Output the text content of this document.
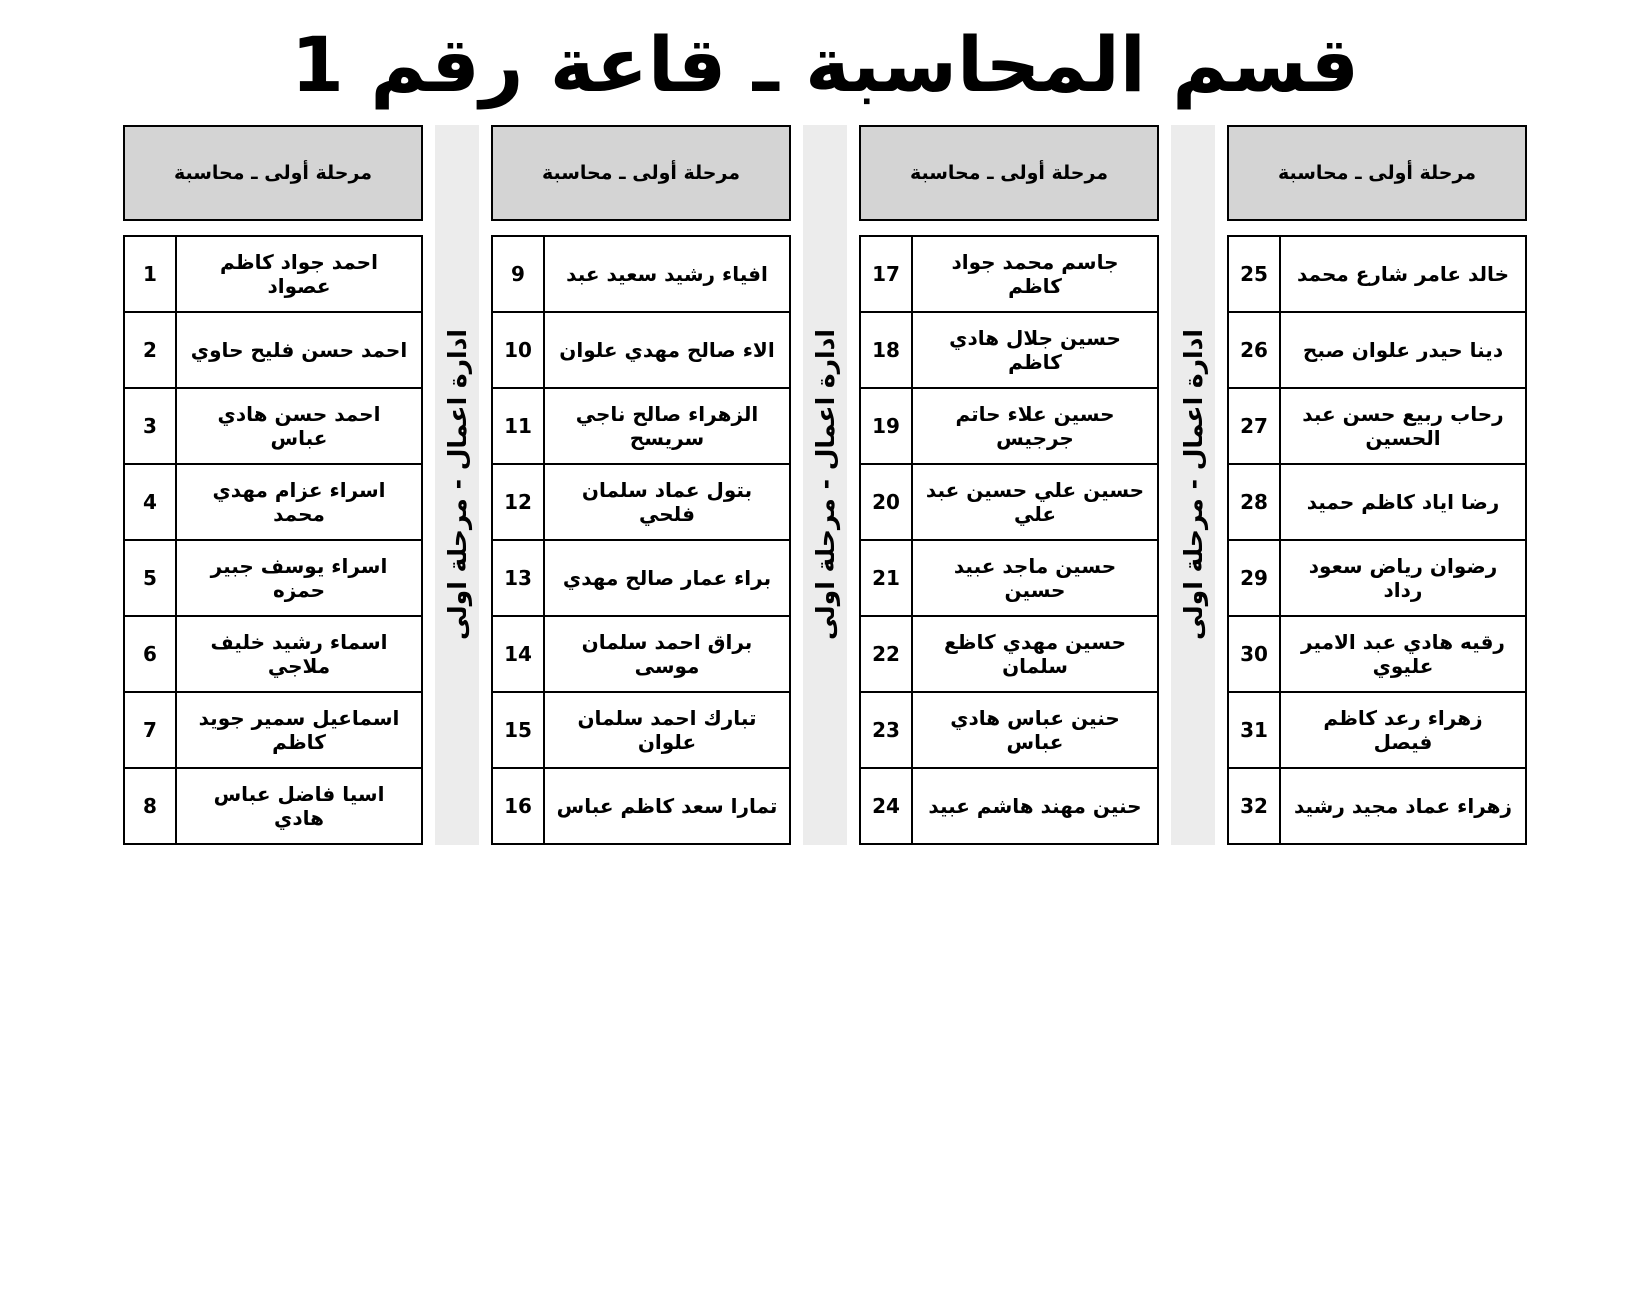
قسم المحاسبة ـ قاعة رقم 1
مرحلة أولى ـ محاسبة
خالد عامر شارع محمد	25
دينا حيدر علوان صبح	26
رحاب ربيع حسن عبد الحسين	27
رضا اياد كاظم حميد	28
رضوان رياض سعود رداد	29
رقيه هادي عبد الامير عليوي	30
زهراء رعد كاظم فيصل	31
زهراء عماد مجيد رشيد	32
ادارة اعمال - مرحلة اولى
مرحلة أولى ـ محاسبة
جاسم محمد جواد كاظم	17
حسين جلال هادي كاظم	18
حسين علاء حاتم جرجيس	19
حسين علي حسين عبد علي	20
حسين ماجد عبيد حسين	21
حسين مهدي كاظع سلمان	22
حنين عباس هادي عباس	23
حنين مهند هاشم عبيد	24
ادارة اعمال - مرحلة اولى
مرحلة أولى ـ محاسبة
افياء رشيد سعيد عبد	9
الاء صالح مهدي علوان	10
الزهراء صالح ناجي سريسح	11
بتول عماد سلمان فلحي	12
براء عمار صالح مهدي	13
براق احمد سلمان موسى	14
تبارك احمد سلمان علوان	15
تمارا سعد كاظم عباس	16
ادارة اعمال - مرحلة اولى
مرحلة أولى ـ محاسبة
احمد جواد كاظم عصواد	1
احمد حسن فليح حاوي	2
احمد حسن هادي عباس	3
اسراء عزام مهدي محمد	4
اسراء يوسف جبير حمزه	5
اسماء رشيد خليف ملاجي	6
اسماعيل سمير جويد كاظم	7
اسيا فاضل عباس هادي	8
